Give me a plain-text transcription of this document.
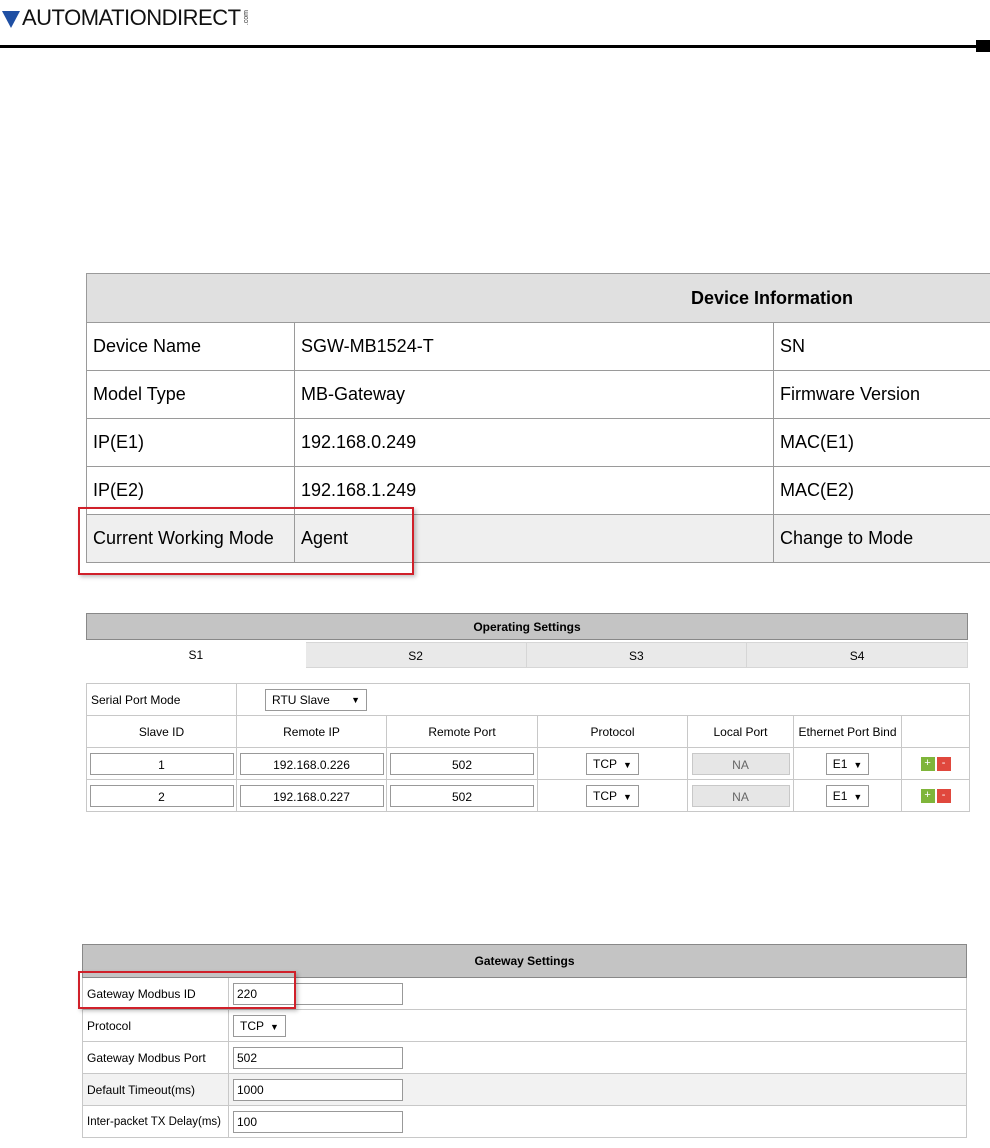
AUTOMATIONDIRECT .com
Device Information		
Device Name	SGW-MB1524-T	SN
Model Type	MB-Gateway	Firmware Version
IP(E1)	192.168.0.249	MAC(E1)
IP(E2)	192.168.1.249	MAC(E2)
Current Working Mode	Agent	Change to Mode
Operating Settings
S1	S2	S3	S4
Serial Port Mode	RTU Slave ▼					

Slave ID	Remote IP	Remote Port	Protocol	Local Port	Ethernet Port Bind	
1	192.168.0.226	502	TCP ▼	NA	E1 ▼	+ -
2	192.168.0.227	502	TCP ▼	NA	E1 ▼	+ -
Gateway Settings	
Gateway Modbus ID	220
Protocol	TCP ▼
Gateway Modbus Port	502
Default Timeout(ms)	1000
Inter-packet TX Delay(ms)	100
